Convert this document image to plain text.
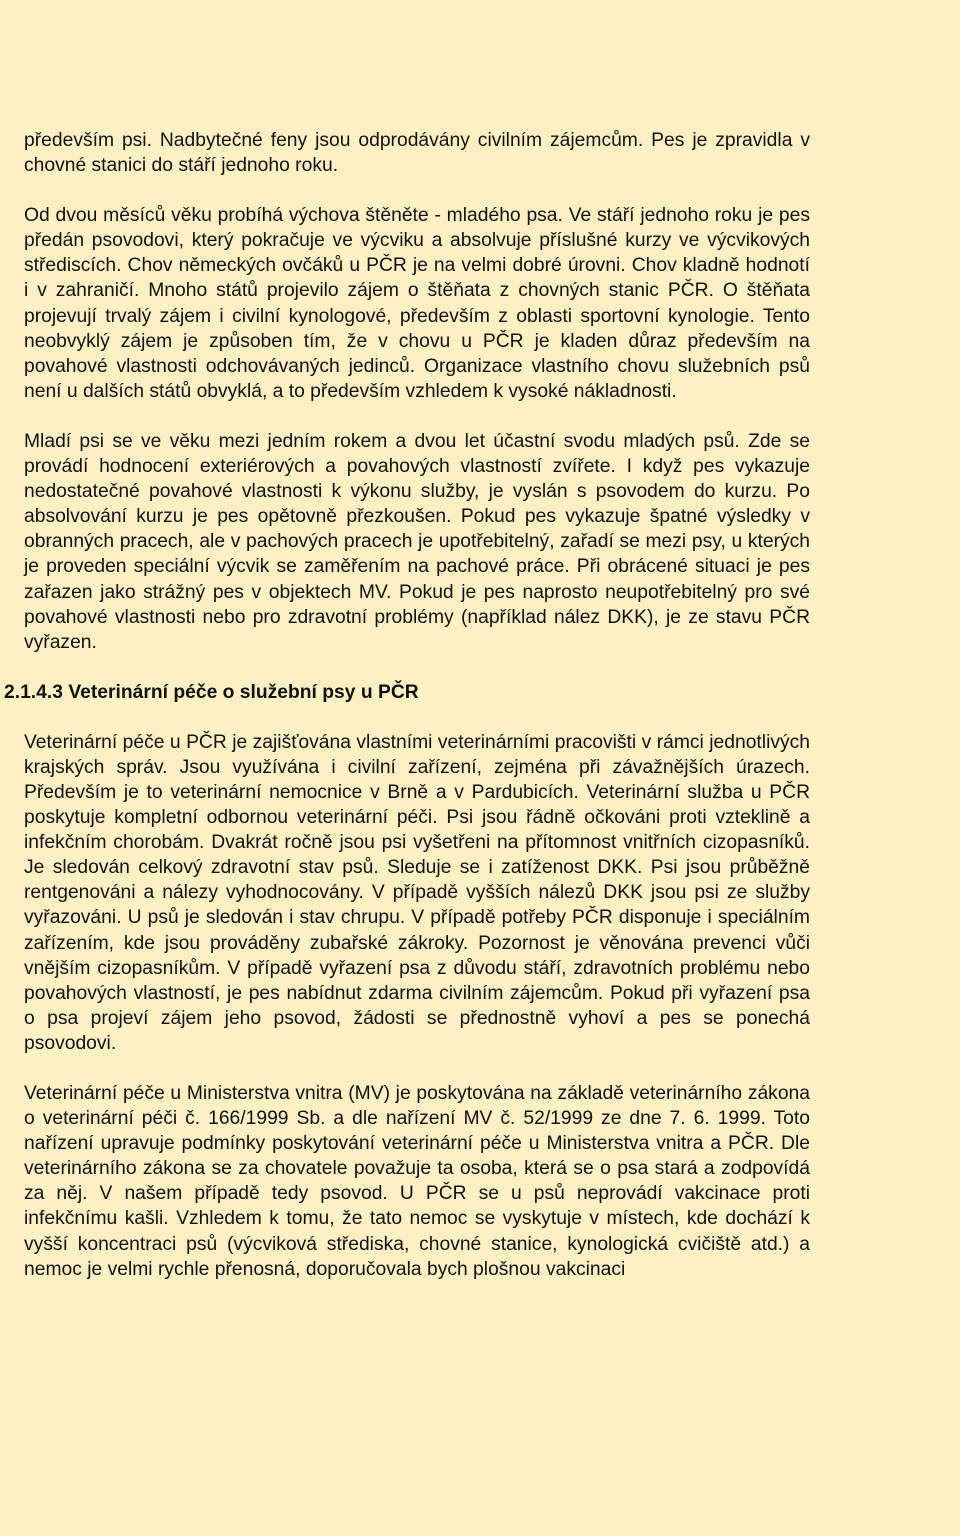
především psi. Nadbytečné feny jsou odprodávány civilním zájemcům. Pes je zpravidla v chovné stanici do stáří jednoho roku.

Od dvou měsíců věku probíhá výchova štěněte - mladého psa. Ve stáří jednoho roku je pes předán psovodovi, který pokračuje ve výcviku a absolvuje příslušné kurzy ve výcvikových střediscích. Chov německých ovčáků u PČR je na velmi dobré úrovni. Chov kladně hodnotí i v zahraničí. Mnoho států projevilo zájem o štěňata z chovných stanic PČR. O štěňata projevují trvalý zájem i civilní kynologové, především z oblasti sportovní kynologie. Tento neobvyklý zájem je způsoben tím, že v chovu u PČR je kladen důraz především na povahové vlastnosti odchovávaných jedinců. Organizace vlastního chovu služebních psů není u dalších států obvyklá, a to především vzhledem k vysoké nákladnosti.

Mladí psi se ve věku mezi jedním rokem a dvou let účastní svodu mladých psů. Zde se provádí hodnocení exteriérových a povahových vlastností zvířete. I když pes vykazuje nedostatečné povahové vlastnosti k výkonu služby, je vyslán s psovodem do kurzu. Po absolvování kurzu je pes opětovně přezkoušen. Pokud pes vykazuje špatné výsledky v obranných pracech, ale v pachových pracech je upotřebitelný, zařadí se mezi psy, u kterých je proveden speciální výcvik se zaměřením na pachové práce. Při obrácené situaci je pes zařazen jako strážný pes v objektech MV. Pokud je pes naprosto neupotřebitelný pro své povahové vlastnosti nebo pro zdravotní problémy (například nález DKK), je ze stavu PČR vyřazen.

2.1.4.3 Veterinární péče o služební psy u PČR

Veterinární péče u PČR je zajišťována vlastními veterinárními pracovišti v rámci jednotlivých krajských správ. Jsou využívána i civilní zařízení, zejména při závažnějších úrazech. Především je to veterinární nemocnice v Brně a v Pardubicích. Veterinární služba u PČR poskytuje kompletní odbornou veterinární péči. Psi jsou řádně očkováni proti vzteklině a infekčním chorobám. Dvakrát ročně jsou psi vyšetřeni na přítomnost vnitřních cizopasníků. Je sledován celkový zdravotní stav psů. Sleduje se i zatíženost DKK. Psi jsou průběžně rentgenováni a nálezy vyhodnocovány. V případě vyšších nálezů DKK jsou psi ze služby vyřazováni. U psů je sledován i stav chrupu. V případě potřeby PČR disponuje i speciálním zařízením, kde jsou prováděny zubařské zákroky. Pozornost je věnována prevenci vůči vnějším cizopasníkům. V případě vyřazení psa z důvodu stáří, zdravotních problému nebo povahových vlastností, je pes nabídnut zdarma civilním zájemcům. Pokud při vyřazení psa o psa projeví zájem jeho psovod, žádosti se přednostně vyhoví a pes se ponechá psovodovi.

Veterinární péče u Ministerstva vnitra (MV) je poskytována na základě veterinárního zákona o veterinární péči č. 166/1999 Sb. a dle nařízení MV č. 52/1999 ze dne 7. 6. 1999. Toto nařízení upravuje podmínky poskytování veterinární péče u Ministerstva vnitra a PČR. Dle veterinárního zákona se za chovatele považuje ta osoba, která se o psa stará a zodpovídá za něj. V našem případě tedy psovod. U PČR se u psů neprovádí vakcinace proti infekčnímu kašli. Vzhledem k tomu, že tato nemoc se vyskytuje v místech, kde dochází k vyšší koncentraci psů (výcviková střediska, chovné stanice, kynologická cvičiště atd.) a nemoc je velmi rychle přenosná, doporučovala bych plošnou vakcinaci
